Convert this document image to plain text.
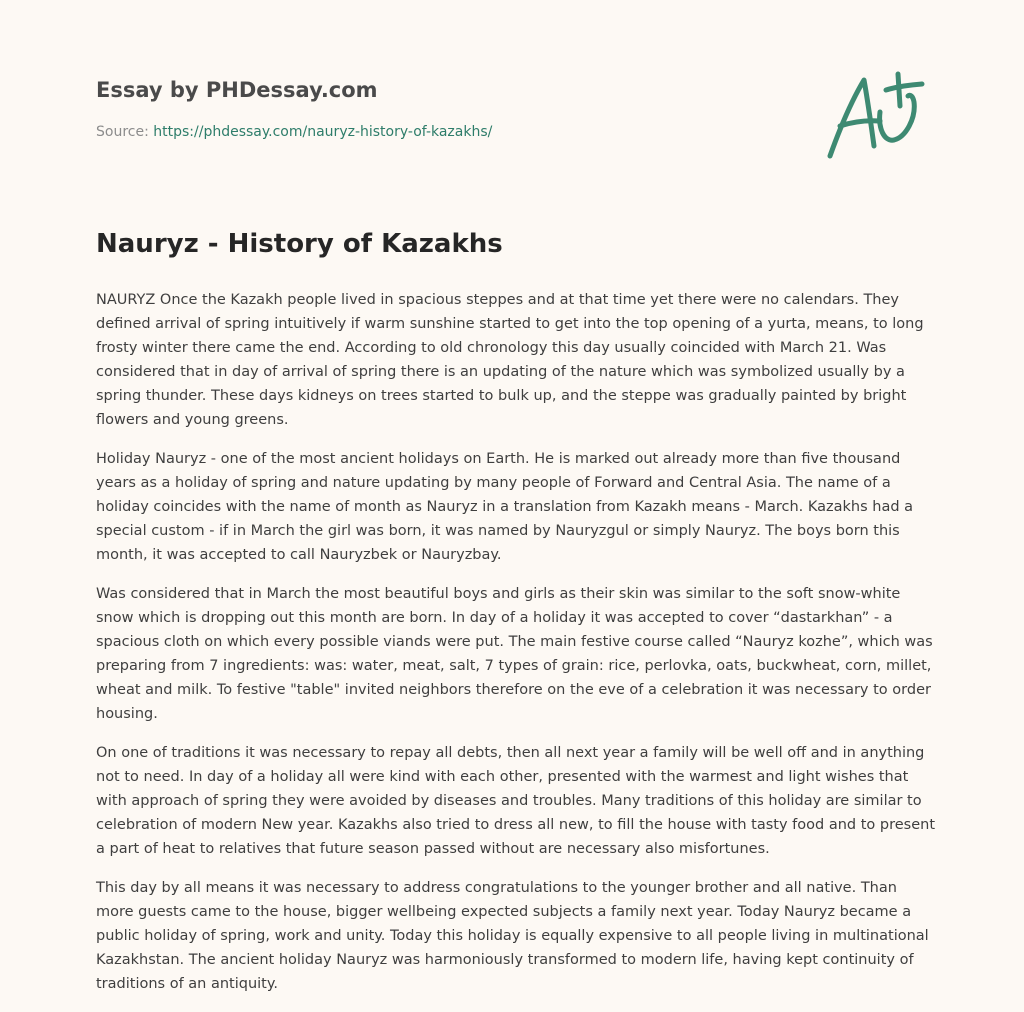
Essay by PHDessay.com
Source: https://phdessay.com/nauryz-history-of-kazakhs/
Nauryz - History of Kazakhs

NAURYZ Once the Kazakh people lived in spacious steppes and at that time yet there were no calendars. They defined arrival of spring intuitively if warm sunshine started to get into the top opening of a yurta, means, to long frosty winter there came the end. According to old chronology this day usually coincided with March 21. Was considered that in day of arrival of spring there is an updating of the nature which was symbolized usually by a spring thunder. These days kidneys on trees started to bulk up, and the steppe was gradually painted by bright flowers and young greens.

Holiday Nauryz - one of the most ancient holidays on Earth. He is marked out already more than five thousand years as a holiday of spring and nature updating by many people of Forward and Central Asia. The name of a holiday coincides with the name of month as Nauryz in a translation from Kazakh means - March. Kazakhs had a special custom - if in March the girl was born, it was named by Nauryzgul or simply Nauryz. The boys born this month, it was accepted to call Nauryzbek or Nauryzbay.

Was considered that in March the most beautiful boys and girls as their skin was similar to the soft snow-white snow which is dropping out this month are born. In day of a holiday it was accepted to cover “dastarkhan” - a spacious cloth on which every possible viands were put. The main festive course called “Nauryz kozhe”, which was preparing from 7 ingredients: was: water, meat, salt, 7 types of grain: rice, perlovka, oats, buckwheat, corn, millet, wheat and milk. To festive "table" invited neighbors therefore on the eve of a celebration it was necessary to order housing.

On one of traditions it was necessary to repay all debts, then all next year a family will be well off and in anything not to need. In day of a holiday all were kind with each other, presented with the warmest and light wishes that with approach of spring they were avoided by diseases and troubles. Many traditions of this holiday are similar to celebration of modern New year. Kazakhs also tried to dress all new, to fill the house with tasty food and to present a part of heat to relatives that future season passed without are necessary also misfortunes.

This day by all means it was necessary to address congratulations to the younger brother and all native. Than more guests came to the house, bigger wellbeing expected subjects a family next year. Today Nauryz became a public holiday of spring, work and unity. Today this holiday is equally expensive to all people living in multinational Kazakhstan. The ancient holiday Nauryz was harmoniously transformed to modern life, having kept continuity of traditions of an antiquity.
